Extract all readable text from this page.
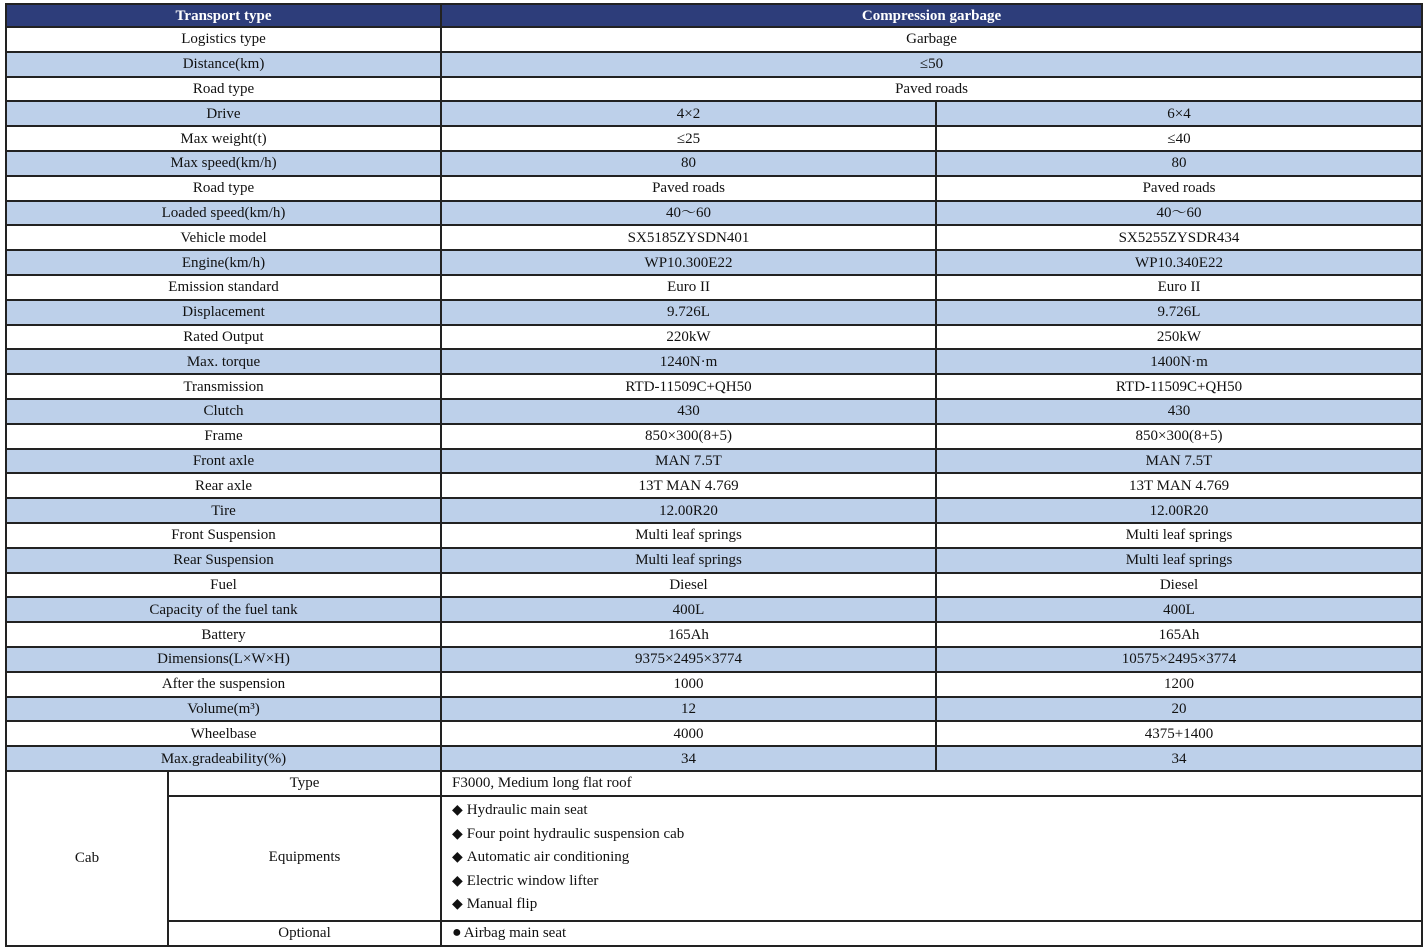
Transport type		Compression garbage	
Logistics type		Garbage	
Distance(km)		≤50	
Road type		Paved roads	
Drive		4×2	6×4
Max weight(t)		≤25	≤40
Max speed(km/h)		80	80
Road type		Paved roads	Paved roads
Loaded speed(km/h)		40～60	40～60
Vehicle model		SX5185ZYSDN401	SX5255ZYSDR434
Engine(km/h)		WP10.300E22	WP10.340E22
Emission standard		Euro II	Euro II
Displacement		9.726L	9.726L
Rated Output		220kW	250kW
Max. torque		1240N·m	1400N·m
Transmission		RTD-11509C+QH50	RTD-11509C+QH50
Clutch		430	430
Frame		850×300(8+5)	850×300(8+5)
Front axle		MAN 7.5T	MAN 7.5T
Rear axle		13T MAN 4.769	13T MAN 4.769
Tire		12.00R20	12.00R20
Front Suspension		Multi leaf springs	Multi leaf springs
Rear Suspension		Multi leaf springs	Multi leaf springs
Fuel		Diesel	Diesel
Capacity of the fuel tank		400L	400L
Battery		165Ah	165Ah
Dimensions(L×W×H)		9375×2495×3774	10575×2495×3774
After the suspension		1000	1200
Volume(m³)		12	20
Wheelbase		4000	4375+1400
Max.gradeability(%)		34	34
Cab	Type	F3000, Medium long flat roof	
	Equipments	◆ Hydraulic main seat
◆ Four point hydraulic suspension cab
◆ Automatic air conditioning
◆ Electric window lifter
◆ Manual flip	

	Optional	● Airbag main seat	
